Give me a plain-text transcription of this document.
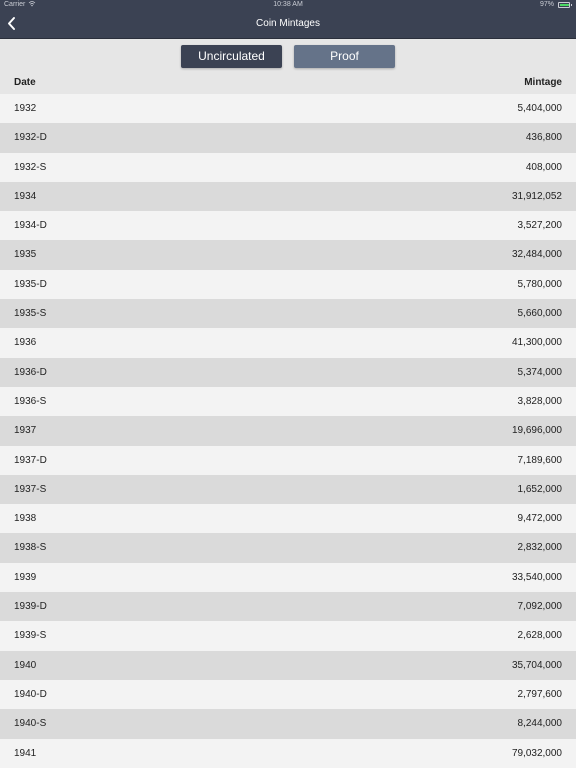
Carrier	10:38 AM	97%
Coin Mintages
Uncirculated	Proof
Date	Mintage
1932	5,404,000
1932-D	436,800
1932-S	408,000
1934	31,912,052
1934-D	3,527,200
1935	32,484,000
1935-D	5,780,000
1935-S	5,660,000
1936	41,300,000
1936-D	5,374,000
1936-S	3,828,000
1937	19,696,000
1937-D	7,189,600
1937-S	1,652,000
1938	9,472,000
1938-S	2,832,000
1939	33,540,000
1939-D	7,092,000
1939-S	2,628,000
1940	35,704,000
1940-D	2,797,600
1940-S	8,244,000
1941	79,032,000
